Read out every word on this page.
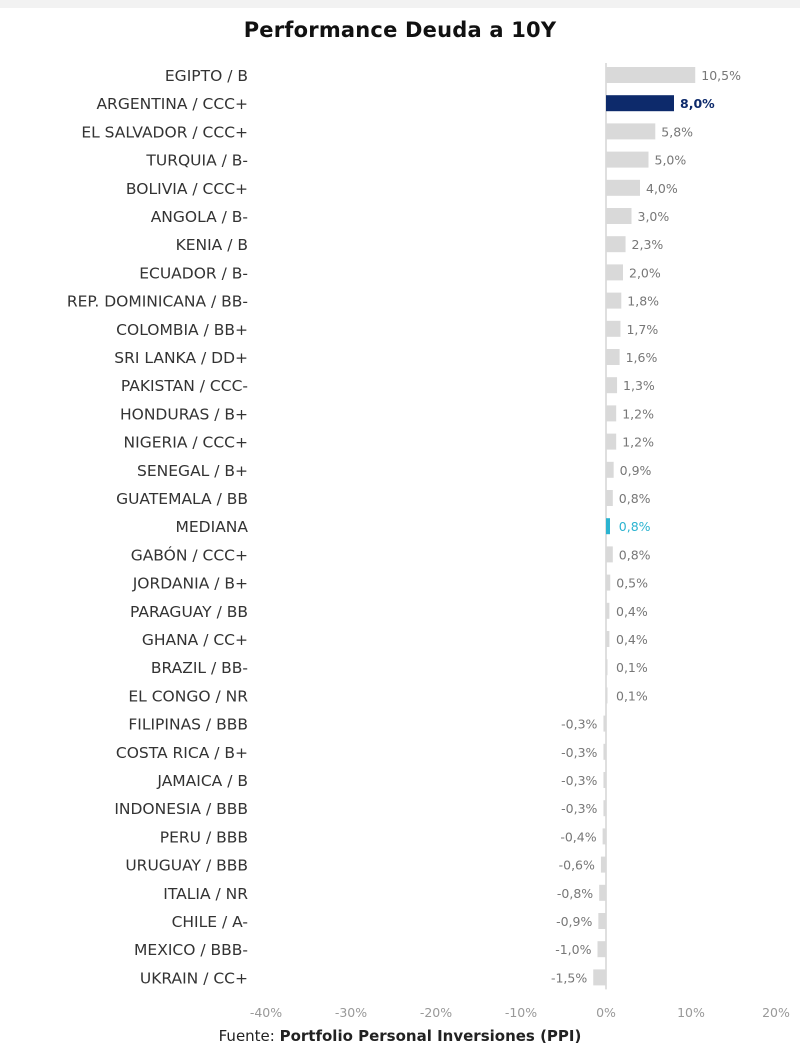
Performance Deuda a 10Y
EGIPTO / B	10,5%
ARGENTINA / CCC+	8,0%
EL SALVADOR / CCC+	5,8%
TURQUIA / B-	5,0%
BOLIVIA / CCC+	4,0%
ANGOLA / B-	3,0%
KENIA / B	2,3%
ECUADOR / B-	2,0%
REP. DOMINICANA / BB-	1,8%
COLOMBIA / BB+	1,7%
SRI LANKA / DD+	1,6%
PAKISTAN / CCC-	1,3%
HONDURAS / B+	1,2%
NIGERIA / CCC+	1,2%
SENEGAL / B+	0,9%
GUATEMALA / BB	0,8%
MEDIANA	0,8%
GABÓN / CCC+	0,8%
JORDANIA / B+	0,5%
PARAGUAY / BB	0,4%
GHANA / CC+	0,4%
BRAZIL / BB-	0,1%
EL CONGO / NR	0,1%
FILIPINAS / BBB	-0,3%
COSTA RICA / B+	-0,3%
JAMAICA / B	-0,3%
INDONESIA / BBB	-0,3%
PERU / BBB	-0,4%
URUGUAY / BBB	-0,6%
ITALIA / NR	-0,8%
CHILE / A-	-0,9%
MEXICO / BBB-	-1,0%
UKRAIN / CC+	-1,5%
-40%	-30%	-20%	-10%	0%	10%	20%
Fuente: Portfolio Personal Inversiones (PPI)
